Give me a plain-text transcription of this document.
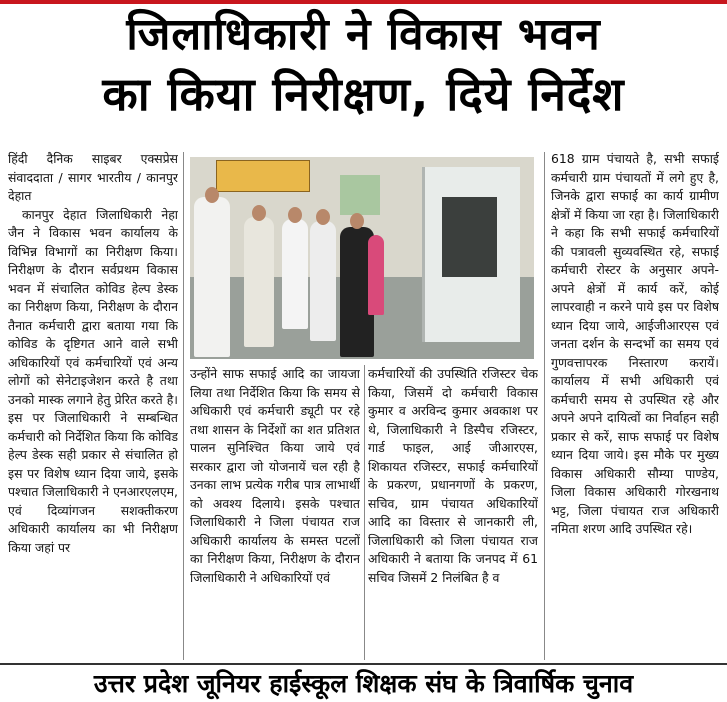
जिलाधिकारी ने विकास भवन
का किया निरीक्षण, दिये निर्देश

हिंदी दैनिक साइबर एक्सप्रेस संवाददाता / सागर भारतीय / कानपुर देहात

कानपुर देहात जिलाधिकारी नेहा जैन ने विकास भवन कार्यालय के विभिन्न विभागों का निरीक्षण किया। निरीक्षण के दौरान सर्वप्रथम विकास भवन में संचालित कोविड हेल्प डेस्क का निरीक्षण किया, निरीक्षण के दौरान तैनात कर्मचारी द्वारा बताया गया कि कोविड के दृष्टिगत आने वाले सभी अधिकारियों एवं कर्मचारियों एवं अन्य लोगों को सेनेटाइजेशन करते है तथा उनको मास्क लगाने हेतु प्रेरित करते है। इस पर जिलाधिकारी ने सम्बन्धित कर्मचारी को निर्देशित किया कि कोविड हेल्प डेस्क सही प्रकार से संचालित हो इस पर विशेष ध्यान दिया जाये, इसके पश्चात जिलाधिकारी ने एनआरएलएम, एवं दिव्यांगजन सशक्तीकरण अधिकारी कार्यालय का भी निरीक्षण किया जहां पर

उन्होंने साफ सफाई आदि का जायजा लिया तथा निर्देशित किया कि समय से अधिकारी एवं कर्मचारी ड्यूटी पर रहे तथा शासन के निर्देशों का शत प्रतिशत पालन सुनिश्चित किया जाये एवं सरकार द्वारा जो योजनायें चल रही है उनका लाभ प्रत्येक गरीब पात्र लाभार्थी को अवश्य दिलाये। इसके पश्चात जिलाधिकारी ने जिला पंचायत राज अधिकारी कार्यालय के समस्त पटलों का निरीक्षण किया, निरीक्षण के दौरान जिलाधिकारी ने अधिकारियों एवं

कर्मचारियों की उपस्थिति रजिस्टर चेक किया, जिसमें दो कर्मचारी विकास कुमार व अरविन्द कुमार अवकाश पर थे, जिलाधिकारी ने डिस्पैच रजिस्टर, गार्ड फाइल, आई जीआरएस, शिकायत रजिस्टर, सफाई कर्मचारियों के प्रकरण, प्रधानगणों के प्रकरण, सचिव, ग्राम पंचायत अधिकारियों आदि का विस्तार से जानकारी ली, जिलाधिकारी को जिला पंचायत राज अधिकारी ने बताया कि जनपद में 61 सचिव जिसमें 2 निलंबित है व

618 ग्राम पंचायते है, सभी सफाई कर्मचारी ग्राम पंचायतों में लगे हुए है, जिनके द्वारा सफाई का कार्य ग्रामीण क्षेत्रों में किया जा रहा है। जिलाधिकारी ने कहा कि सभी सफाई कर्मचारियों की पत्रावली सुव्यवस्थित रहे, सफाई कर्मचारी रोस्टर के अनुसार अपने-अपने क्षेत्रों में कार्य करें, कोई लापरवाही न करने पाये इस पर विशेष ध्यान दिया जाये, आईजीआरएस एवं जनता दर्शन के सन्दर्भो का समय एवं गुणवत्तापरक निस्तारण करायें। कार्यालय में सभी अधिकारी एवं कर्मचारी समय से उपस्थित रहे और अपने अपने दायित्वों का निर्वाहन सही प्रकार से करें, साफ सफाई पर विशेष ध्यान दिया जाये। इस मौके पर मुख्य विकास अधिकारी सौम्या पाण्डेय, जिला विकास अधिकारी गोरखनाथ भट्ट, जिला पंचायत राज अधिकारी नमिता शरण आदि उपस्थित रहे।

उत्तर प्रदेश जूनियर हाईस्कूल शिक्षक संघ के त्रिवार्षिक चुनाव
